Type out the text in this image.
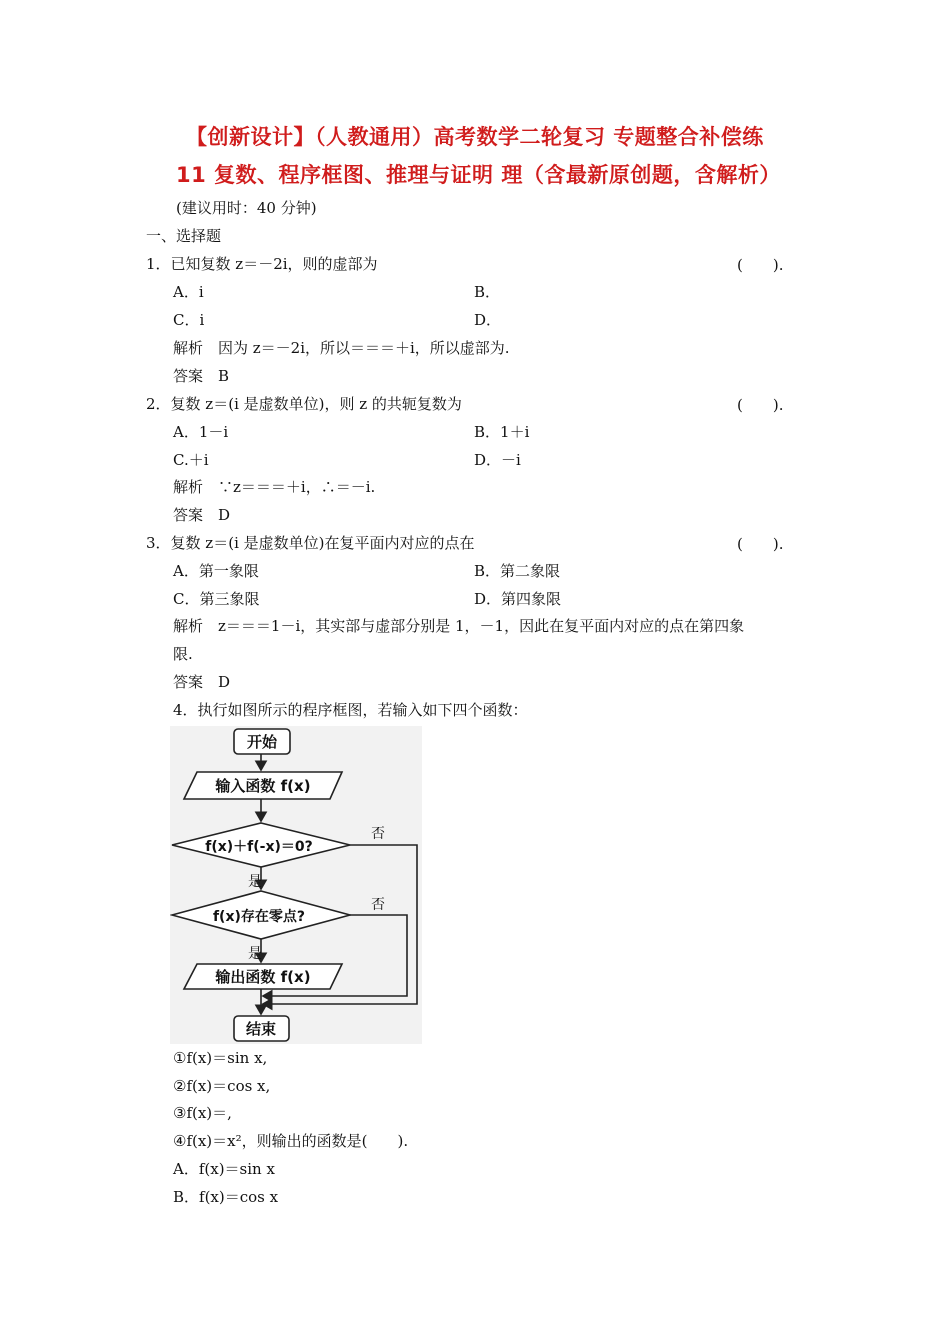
【创新设计】（人教通用）高考数学二轮复习 专题整合补偿练
11 复数、程序框图、推理与证明 理（含最新原创题，含解析）
(建议用时：40 分钟)
一、选择题
1．已知复数 z＝－2i，则的虚部为	(　　).
A．i	B．
C．i	D．
解析　因为 z＝－2i，所以＝＝＝＋i，所以虚部为.
答案　B
2．复数 z＝(i 是虚数单位)，则 z 的共轭复数为	(　　).
A．1－i	B．1＋i
C.＋i	D．－i
解析　∵z＝＝＝＋i，∴＝－i.
答案　D
3．复数 z＝(i 是虚数单位)在复平面内对应的点在	(　　).
A．第一象限	B．第二象限
C．第三象限	D．第四象限
解析　z＝＝＝1－i，其实部与虚部分别是 1，－1，因此在复平面内对应的点在第四象
限.
答案　D
4．执行如图所示的程序框图，若输入如下四个函数：
开始
输入函数 f(x)
f(x)＋f(-x)＝0?
f(x)存在零点?
输出函数 f(x)
结束
是
是
否
否
①f(x)＝sin x,
②f(x)＝cos x,
③f(x)＝,
④f(x)＝x²，则输出的函数是(　　).
A．f(x)＝sin x
B．f(x)＝cos x
